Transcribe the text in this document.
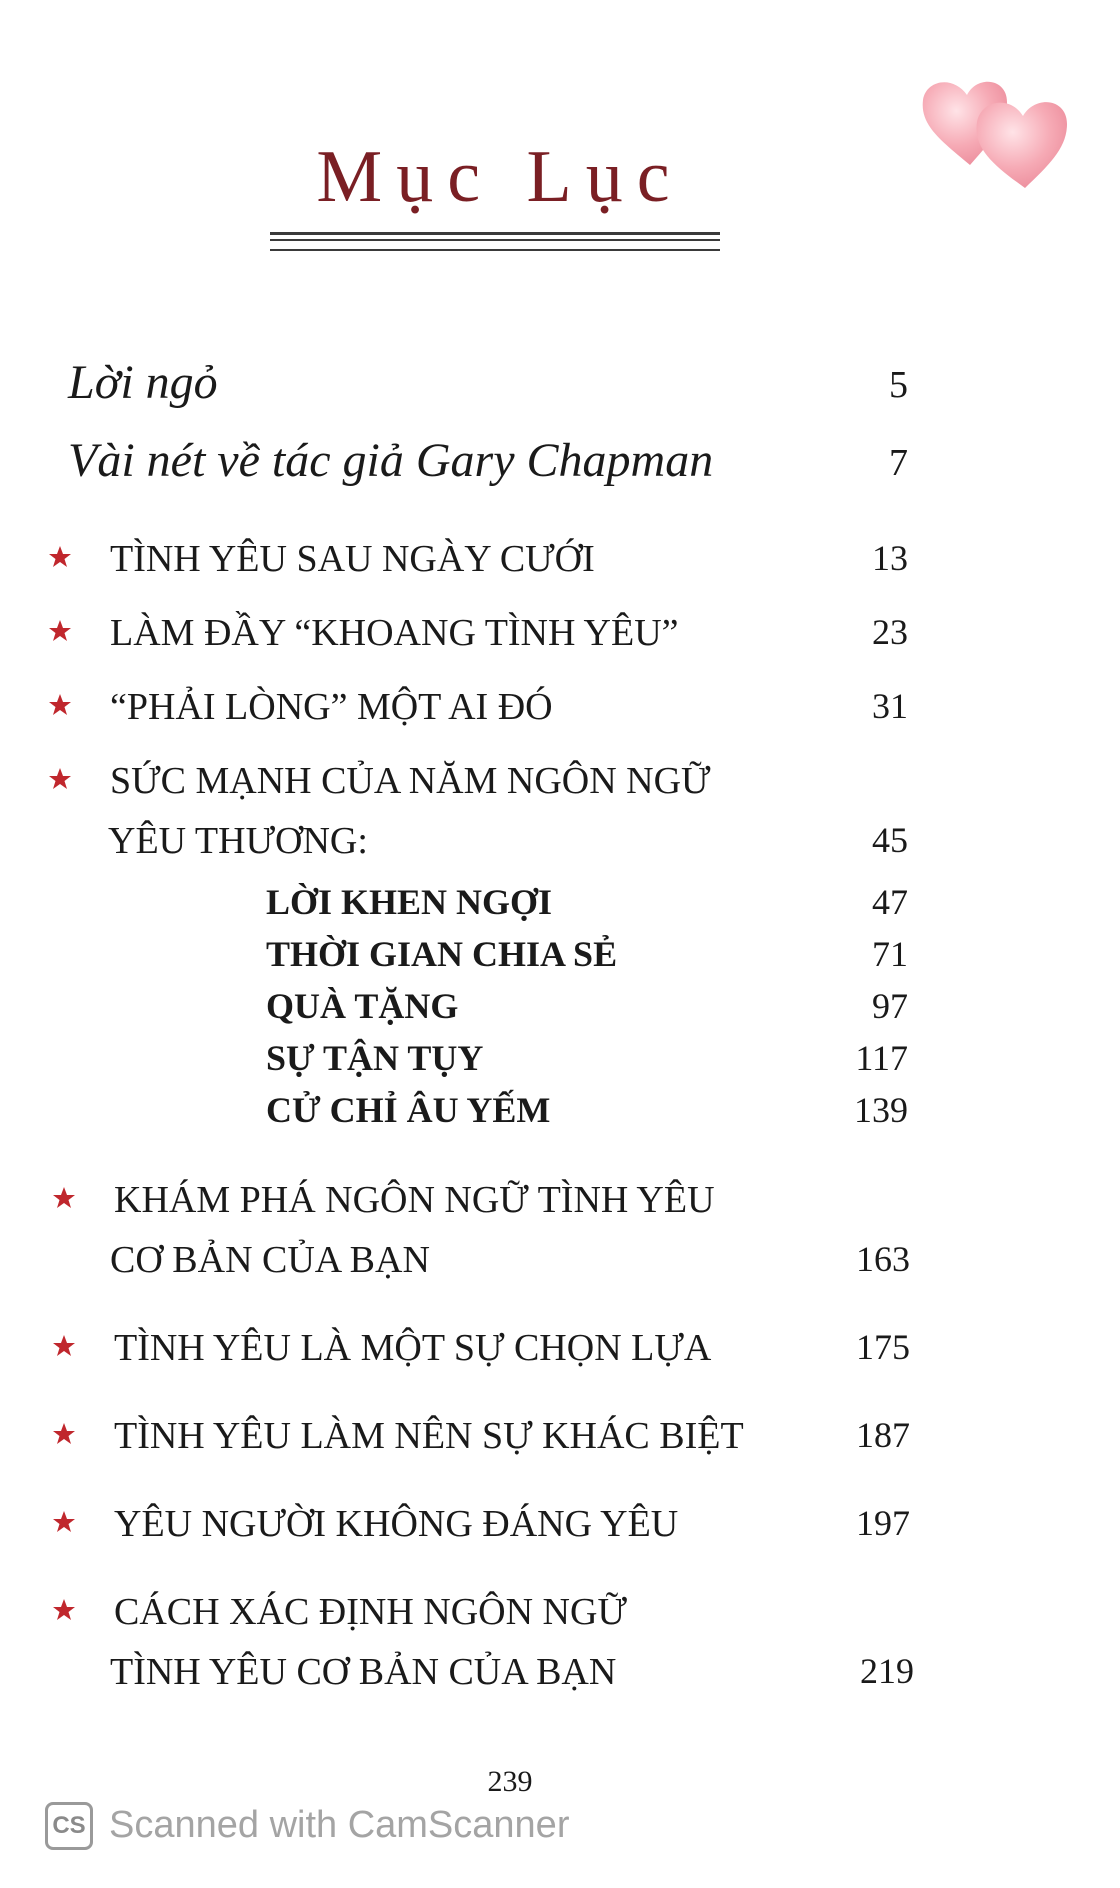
Mục Lục
Lời ngỏ	5
Vài nét về tác giả Gary Chapman	7
TÌNH YÊU SAU NGÀY CƯỚI	13
LÀM ĐẦY “KHOANG TÌNH YÊU”	23
“PHẢI LÒNG” MỘT AI ĐÓ	31
SỨC MẠNH CỦA NĂM NGÔN NGỮ
YÊU THƯƠNG:	45
LỜI KHEN NGỢI	47
THỜI GIAN CHIA SẺ	71
QUÀ TẶNG	97
SỰ TẬN TỤY	117
CỬ CHỈ ÂU YẾM	139
KHÁM PHÁ NGÔN NGỮ TÌNH YÊU
CƠ BẢN CỦA BẠN	163
TÌNH YÊU LÀ MỘT SỰ CHỌN LỰA	175
TÌNH YÊU LÀM NÊN SỰ KHÁC BIỆT	187
YÊU NGƯỜI KHÔNG ĐÁNG YÊU	197
CÁCH XÁC ĐỊNH NGÔN NGỮ
TÌNH YÊU CƠ BẢN CỦA BẠN	219
239
CS Scanned with CamScanner
